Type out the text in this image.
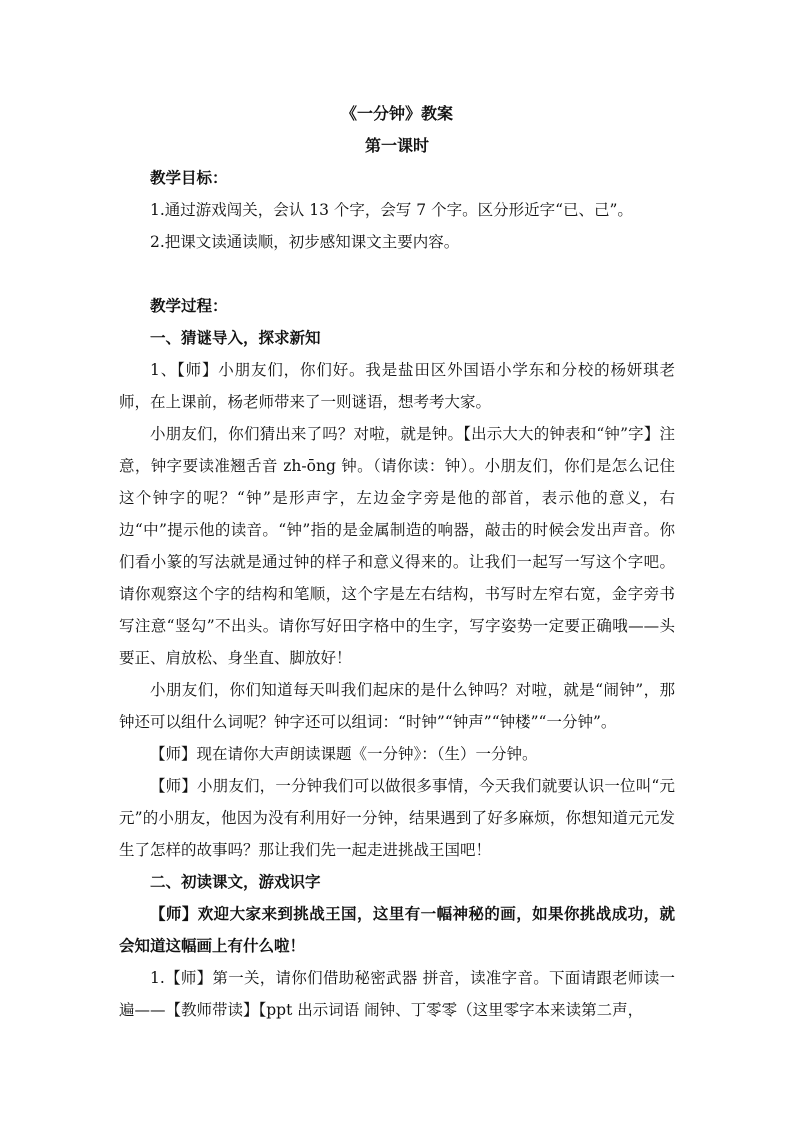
《一分钟》教案
第一课时

教学目标：

1.通过游戏闯关，会认 13 个字，会写 7 个字。区分形近字“已、己”。

2.把课文读通读顺，初步感知课文主要内容。

教学过程：

一、猜谜导入，探求新知

1、【师】小朋友们，你们好。我是盐田区外国语小学东和分校的杨妍琪老师，在上课前，杨老师带来了一则谜语，想考考大家。

小朋友们，你们猜出来了吗？对啦，就是钟。【出示大大的钟表和“钟”字】注意，钟字要读准翘舌音 zh-ōng 钟。（请你读：钟）。小朋友们，你们是怎么记住这个钟字的呢？“钟”是形声字，左边金字旁是他的部首，表示他的意义，右边“中”提示他的读音。“钟”指的是金属制造的响器，敲击的时候会发出声音。你们看小篆的写法就是通过钟的样子和意义得来的。让我们一起写一写这个字吧。请你观察这个字的结构和笔顺，这个字是左右结构，书写时左窄右宽，金字旁书写注意“竖勾”不出头。请你写好田字格中的生字，写字姿势一定要正确哦——头要正、肩放松、身坐直、脚放好！

小朋友们，你们知道每天叫我们起床的是什么钟吗？对啦，就是“闹钟”，那钟还可以组什么词呢？钟字还可以组词：“时钟”“钟声”“钟楼”“一分钟”。

【师】现在请你大声朗读课题《一分钟》：（生）一分钟。

【师】小朋友们，一分钟我们可以做很多事情，今天我们就要认识一位叫“元元”的小朋友，他因为没有利用好一分钟，结果遇到了好多麻烦，你想知道元元发生了怎样的故事吗？那让我们先一起走进挑战王国吧！

二、初读课文，游戏识字

【师】欢迎大家来到挑战王国，这里有一幅神秘的画，如果你挑战成功，就会知道这幅画上有什么啦！

1.【师】第一关，请你们借助秘密武器 拼音，读准字音。下面请跟老师读一遍——【教师带读】【ppt 出示词语 闹钟、丁零零（这里零字本来读第二声，
